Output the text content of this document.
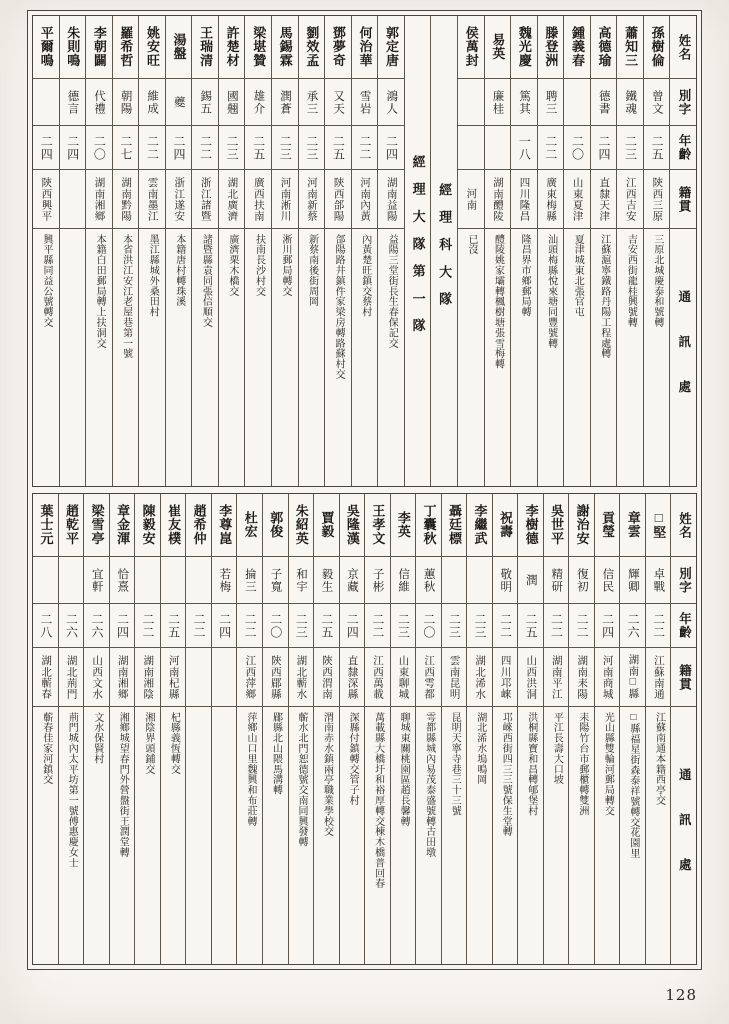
姓名
別字
年齡
籍貫
通訊處
孫樹倫
曾文
二五
陝西三原
三原北城慶泰和號轉
蕭知三
鐵魂
二三
江西吉安
吉安西街龍桂興號轉
高德瑜
德書
二四
直隸天津
江蘇滬寧鐵路丹陽工程處轉
鍾義春
二〇
山東夏津
夏津城東北張官屯
滕登洲
聘三
二二
廣東梅縣
汕頭梅縣悅來塘同豐號轉
魏光慶
篤其
一八
四川隆昌
隆昌界市鄉郵局轉
易英
廉桂
湖南醴陵
醴陵姚家壩轉楓樹塘張雪梅轉
侯萬封
河南
已沒
經理科大隊
經理大隊第一隊
郭定唐
鴻人
二四
湖南益陽
益陽三堂街長生春保記交
何治華
雪岩
二二
河南內黃
內黃楚旺鎮交蔡村
鄧夢奇
又天
二五
陝西郃陽
郃陽路井鎮件家梁房轉路蘇村交
劉效孟
承三
二三
河南新蔡
新蔡南後街周岡
馬錫霖
潤蒼
二三
河南淅川
淅川郵局轉交
梁堪贊
雄介
二五
廣西扶南
扶南長沙村交
許楚材
國翹
二三
湖北廣濟
廣濟栗木橋交
王瑞清
錫五
二二
浙江諸暨
諸暨縣袁同張信順交
湯盤
夔
二四
浙江遂安
本籍唐村轉珠溪
姚安旺
維成
二二
雲南墨江
墨江縣城外桑田村
羅希哲
朝陽
二七
湖南黔陽
本省洪江安江老屋巷第一號
李朝闢
代禮
二〇
湖南湘鄉
本籍白田郵局轉上扶洞交
朱則鳴
德言
二四
平爾鳴
二四
陝西興平
興平縣同益公號轉交
姓名
別字
年齡
籍貫
通訊處
□堅
卓戰
二二
江蘇南通
江蘇南通本籍西亭交
章雲
輝卿
二六
湖南□縣
□縣福星街森泰祥號轉交花園里
貢瑩
信民
二四
河南商城
光山縣雙輪河郵局轉交
謝治安
復初
二二
湖南耒陽
耒陽竹台市郵櫃轉雙洲
吳世平
精研
二二
湖南平江
平江長壽大口坡
李樹德
潤
二五
山西洪洞
洪桐縣寶和昌轉郇堡村
祝壽
敬明
二二
四川邛崍
邛崍西街四三三號保生堂轉
李繼武
二三
湖北浠水
湖北浠水塢鳴岡
聶廷標
二三
雲南昆明
昆明天寧寺巷三十三號
丁囊秋
蕙秋
二〇
江西雩都
雩都縣城內易茂泰盛號轉古田墩
李英
信維
二三
山東聊城
聊城東關桃園區趙長馨轉
王孝文
子彬
二二
江西萬載
萬載縣大橋圩和裕厚轉交棟木橋普回春
吳隆漢
京藏
二四
直隸深縣
深縣付鎮轉交管子村
賈毅
毅生
二五
陝西渭南
渭南赤水鎮兩亭職業學校交
朱紹英
和宇
二三
湖北蘄水
蘄水北門恕德號交南同興發轉
郭俊
子寬
二〇
陝西郿縣
郿縣北山隈馬溝轉
杜宏
掄三
二二
江西萍鄉
萍鄉山口里魏興和布莊轉
李尊崑
若梅
二四
趙希仲
二二
崔友樸
二五
河南杞縣
杞縣義恆轉交
陳毅安
二二
湖南湘陰
湘陰界頭鋪交
章金渾
恰熹
二四
湖南湘鄉
湘鄉城望春門外營盤街王潤堂轉
梁雪亭
宜軒
二六
山西文水
文水保賢村
趙乾平
二六
湖北荊門
荊門城內太平坊第一號傅惠慶女士
葉士元
二八
湖北蘄春
蘄春佳家河鎮交
128
